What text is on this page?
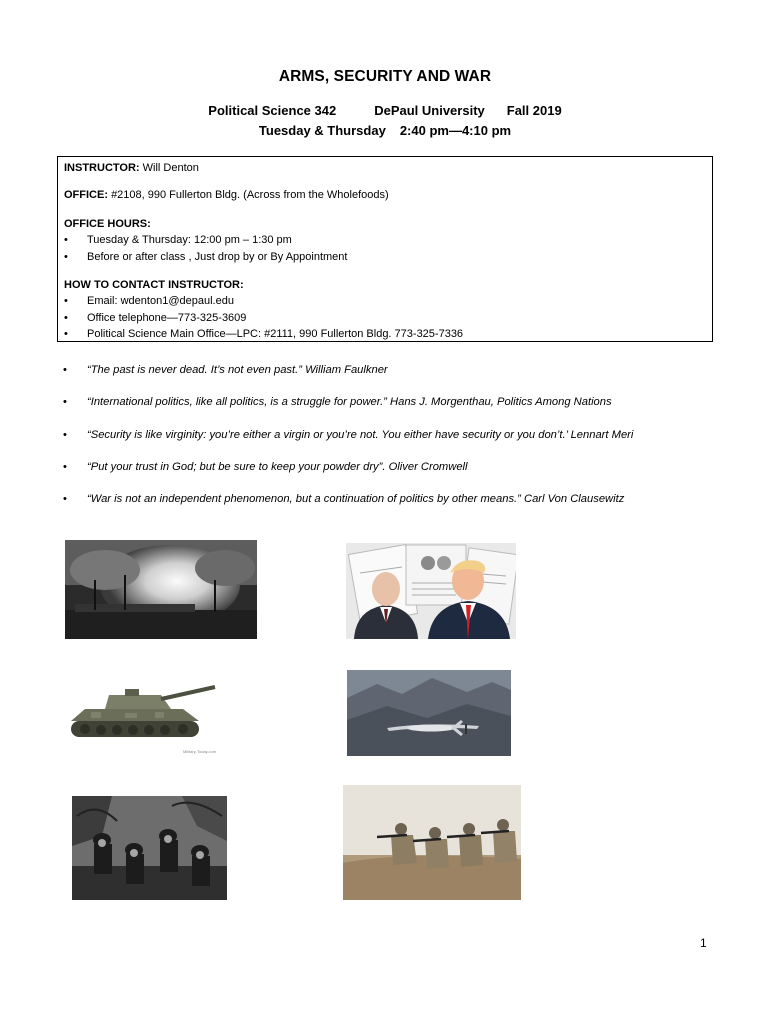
ARMS, SECURITY AND WAR
Political Science 342	DePaul University Fall 2019
Tuesday & Thursday 2:40 pm—4:10 pm
INSTRUCTOR: Will Denton
OFFICE: #2108, 990 Fullerton Bldg. (Across from the Wholefoods)
OFFICE HOURS:
• Tuesday & Thursday: 12:00 pm – 1:30 pm
• Before or after class , Just drop by or By Appointment
HOW TO CONTACT INSTRUCTOR:
• Email: wdenton1@depaul.edu
• Office telephone—773-325-3609
• Political Science Main Office—LPC: #2111, 990 Fullerton Bldg. 773-325-7336
• “The past is never dead. It’s not even past.” William Faulkner
• “International politics, like all politics, is a struggle for power.” Hans J. Morgenthau, Politics Among Nations
• “Security is like virginity: you’re either a virgin or you’re not. You either have security or you don’t.’ Lennart Meri
• “Put your trust in God; but be sure to keep your powder dry”. Oliver Cromwell
• “War is not an independent phenomenon, but a continuation of politics by other means.” Carl Von Clausewitz
Military-Today.com
1
